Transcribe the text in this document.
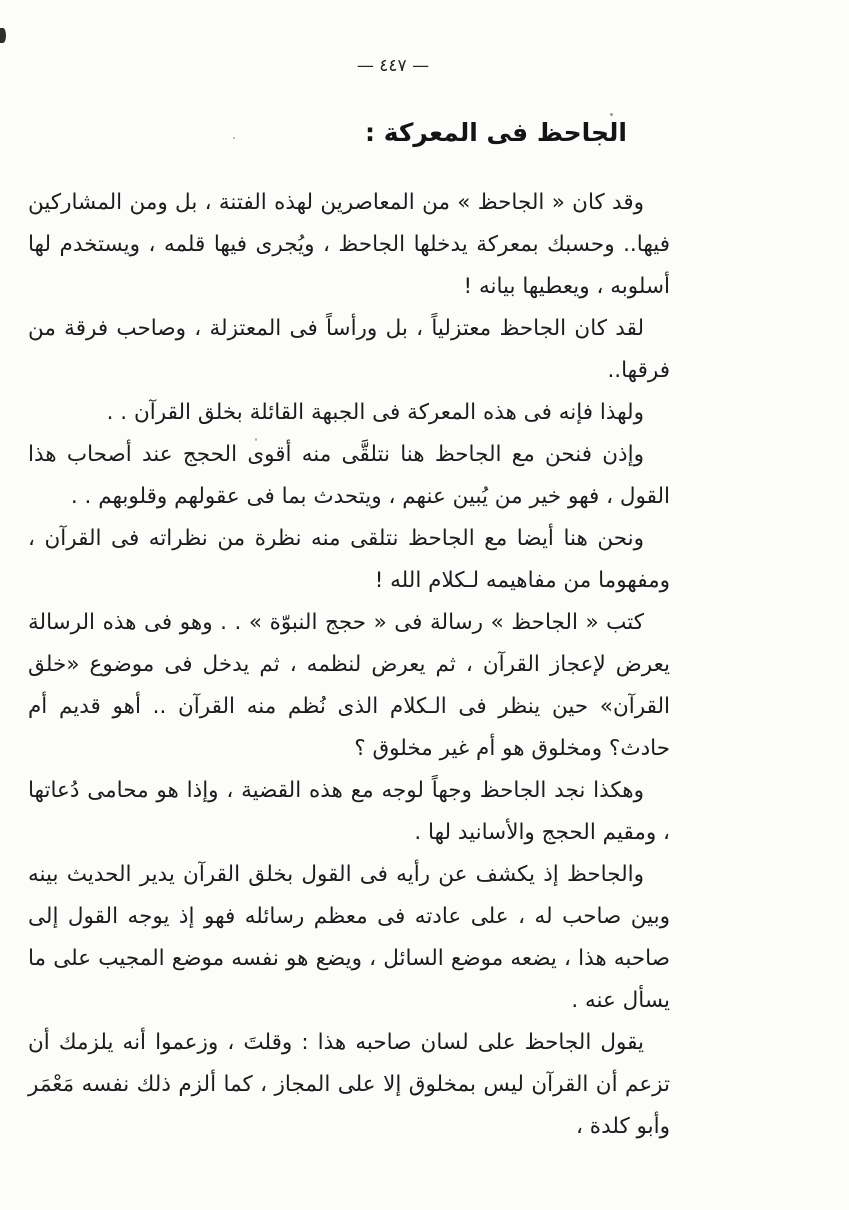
— ٤٤٧ —
الجاحظ فى المعركة :

وقد كان « الجاحظ » من المعاصرين لهذه الفتنة ، بل ومن المشاركين فيها.. وحسبك بمعركة يدخلها الجاحظ ، ويُجرى فيها قلمه ، ويستخدم لها أسلوبه ، ويعطيها بيانه !

لقد كان الجاحظ معتزلياً ، بل ورأساً فى المعتزلة ، وصاحب فرقة من فرقها..

ولهذا فإنه فى هذه المعركة فى الجبهة القائلة بخلق القرآن . .

وإذن فنحن مع الجاحظ هنا نتلقَّى منه أقوى الحجج عند أصحاب هذا القول ، فهو خير من يُبين عنهم ، ويتحدث بما فى عقولهم وقلوبهم . .

ونحن هنا أيضا مع الجاحظ نتلقى منه نظرة من نظراته فى القرآن ، ومفهوما من مفاهيمه لـكلام الله !

كتب « الجاحظ » رسالة فى « حجج النبوّة » . . وهو فى هذه الرسالة يعرض لإعجاز القرآن ، ثم يعرض لنظمه ، ثم يدخل فى موضوع «خلق القرآن» حين ينظر فى الـكلام الذى نُظم منه القرآن .. أهو قديم أم حادث؟ ومخلوق هو أم غير مخلوق ؟

وهكذا نجد الجاحظ وجهاً لوجه مع هذه القضية ، وإذا هو محامى دُعاتها ، ومقيم الحجج والأسانيد لها .

والجاحظ إذ يكشف عن رأيه فى القول بخلق القرآن يدير الحديث بينه وبين صاحب له ، على عادته فى معظم رسائله فهو إذ يوجه القول إلى صاحبه هذا ، يضعه موضع السائل ، ويضع هو نفسه موضع المجيب على ما يسأل عنه .

يقول الجاحظ على لسان صاحبه هذا : وقلتَ ، وزعموا أنه يلزمك أن تزعم أن القرآن ليس بمخلوق إلا على المجاز ، كما ألزم ذلك نفسه مَعْمَر وأبو كلدة ،
